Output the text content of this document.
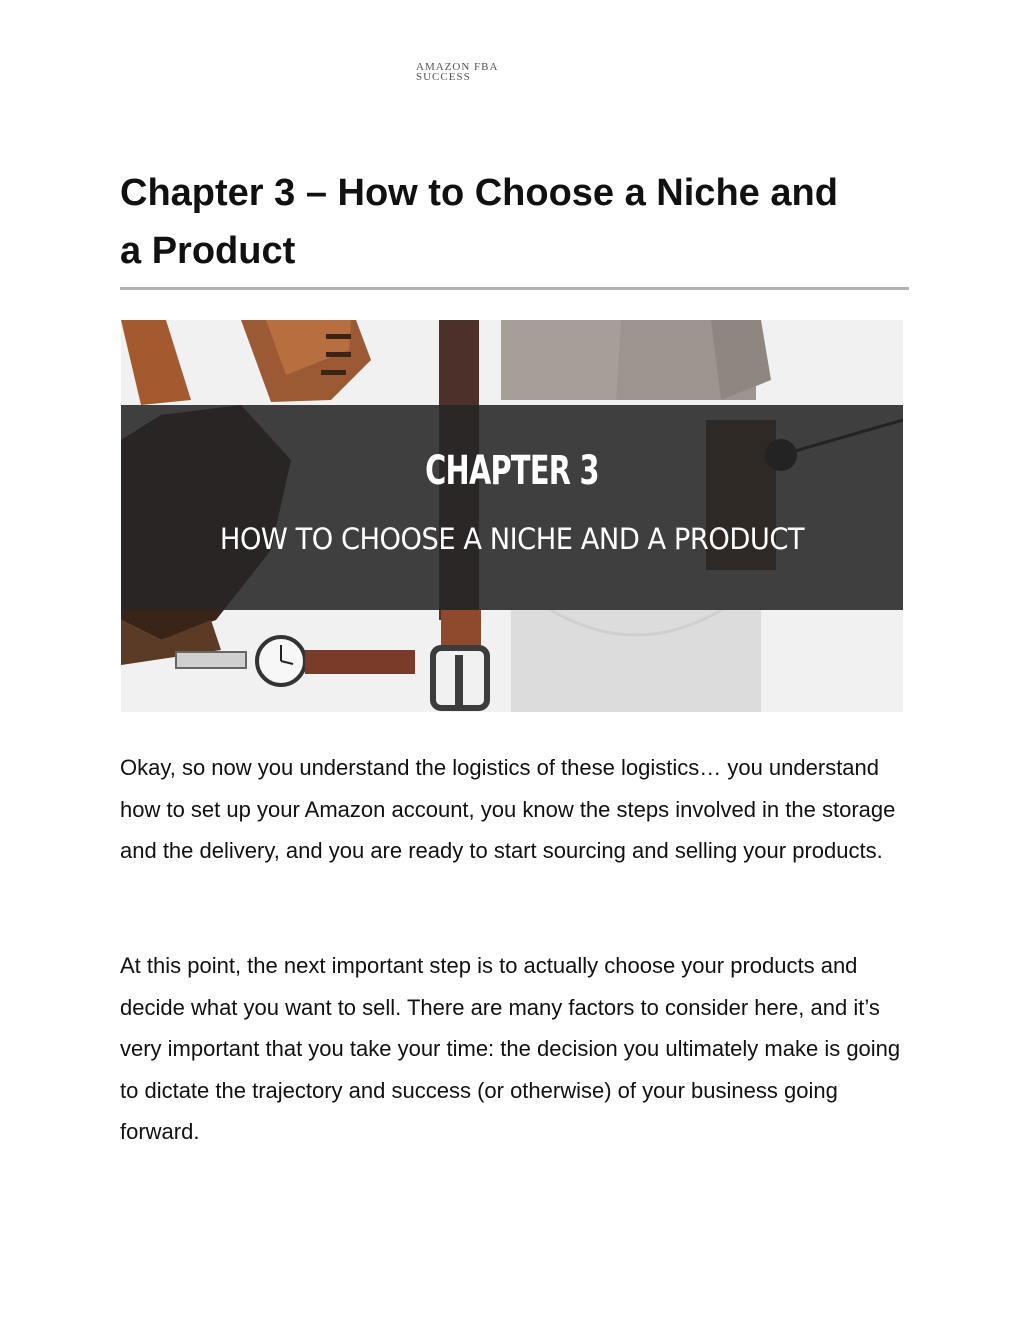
AMAZON FBA
SUCCESS
Chapter 3 – How to Choose a Niche and
a Product
CHAPTER 3
HOW TO CHOOSE A NICHE AND A PRODUCT

Okay, so now you understand the logistics of these logistics… you understand how to set up your Amazon account, you know the steps involved in the storage and the delivery, and you are ready to start sourcing and selling your products.

At this point, the next important step is to actually choose your products and decide what you want to sell. There are many factors to consider here, and it’s very important that you take your time: the decision you ultimately make is going to dictate the trajectory and success (or otherwise) of your business going forward.
